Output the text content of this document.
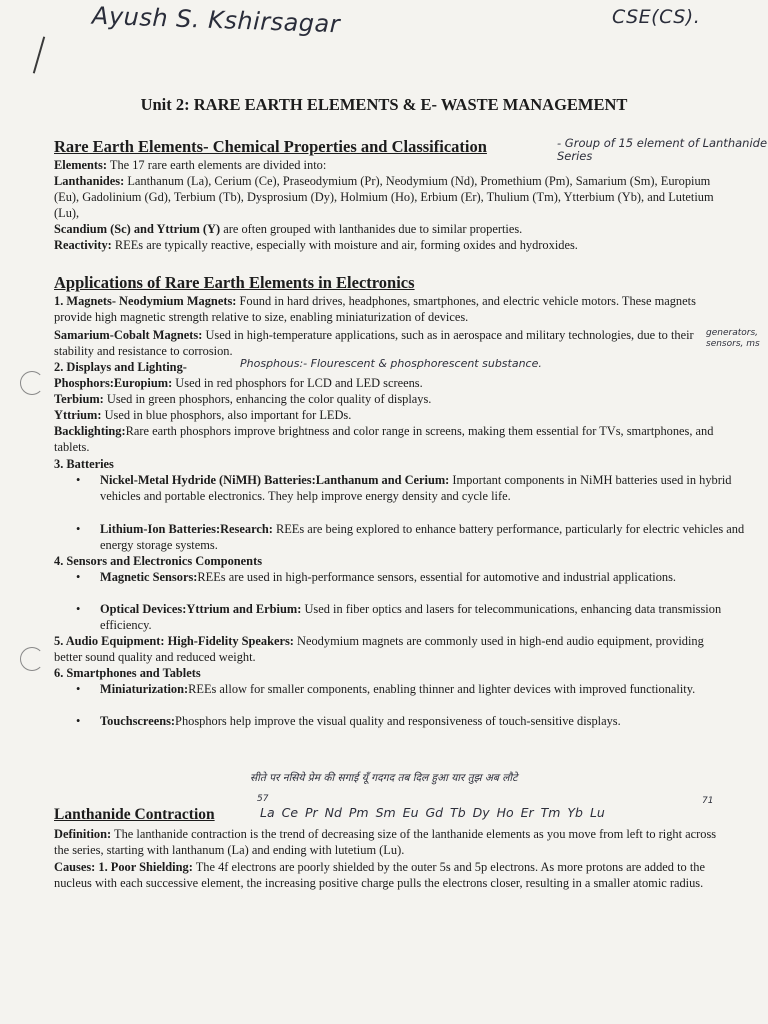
Ayush S. Kshirsagar	CSE(CS).
Unit 2: RARE EARTH ELEMENTS & E- WASTE MANAGEMENT
Rare Earth Elements- Chemical Properties and Classification	- Group of 15 element of Lanthanide Series
Elements: The 17 rare earth elements are divided into:
Lanthanides: Lanthanum (La), Cerium (Ce), Praseodymium (Pr), Neodymium (Nd), Promethium (Pm), Samarium (Sm), Europium (Eu), Gadolinium (Gd), Terbium (Tb), Dysprosium (Dy), Holmium (Ho), Erbium (Er), Thulium (Tm), Ytterbium (Yb), and Lutetium (Lu),
Scandium (Sc) and Yttrium (Y) are often grouped with lanthanides due to similar properties.
Reactivity: REEs are typically reactive, especially with moisture and air, forming oxides and hydroxides.
Applications of Rare Earth Elements in Electronics
1. Magnets- Neodymium Magnets: Found in hard drives, headphones, smartphones, and electric vehicle motors. These magnets provide high magnetic strength relative to size, enabling miniaturization of devices.
Samarium-Cobalt Magnets: Used in high-temperature applications, such as in aerospace and military technologies, due to their stability and resistance to corrosion.
generators, sensors, ms
2. Displays and Lighting-	Phosphous:- Flourescent & phosphorescent substance.
Phosphors:Europium: Used in red phosphors for LCD and LED screens.
Terbium: Used in green phosphors, enhancing the color quality of displays.
Yttrium: Used in blue phosphors, also important for LEDs.
Backlighting:Rare earth phosphors improve brightness and color range in screens, making them essential for TVs, smartphones, and tablets.
3. Batteries
• Nickel-Metal Hydride (NiMH) Batteries:Lanthanum and Cerium: Important components in NiMH batteries used in hybrid vehicles and portable electronics. They help improve energy density and cycle life.
• Lithium-Ion Batteries:Research: REEs are being explored to enhance battery performance, particularly for electric vehicles and energy storage systems.
4. Sensors and Electronics Components
• Magnetic Sensors:REEs are used in high-performance sensors, essential for automotive and industrial applications.
• Optical Devices:Yttrium and Erbium: Used in fiber optics and lasers for telecommunications, enhancing data transmission efficiency.
5. Audio Equipment: High-Fidelity Speakers: Neodymium magnets are commonly used in high-end audio equipment, providing better sound quality and reduced weight.
6. Smartphones and Tablets
• Miniaturization:REEs allow for smaller components, enabling thinner and lighter devices with improved functionality.
• Touchscreens:Phosphors help improve the visual quality and responsiveness of touch-sensitive displays.
सीते पर नसिये प्रेम की सगाई यूँ गदगद तब दिल हुआ यार तुझ अब लौटे
57	71
La Ce Pr Nd Pm Sm Eu Gd Tb Dy Ho Er Tm Yb Lu
Lanthanide Contraction
Definition: The lanthanide contraction is the trend of decreasing size of the lanthanide elements as you move from left to right across the series, starting with lanthanum (La) and ending with lutetium (Lu).
Causes: 1. Poor Shielding: The 4f electrons are poorly shielded by the outer 5s and 5p electrons. As more protons are added to the nucleus with each successive element, the increasing positive charge pulls the electrons closer, resulting in a smaller atomic radius.
